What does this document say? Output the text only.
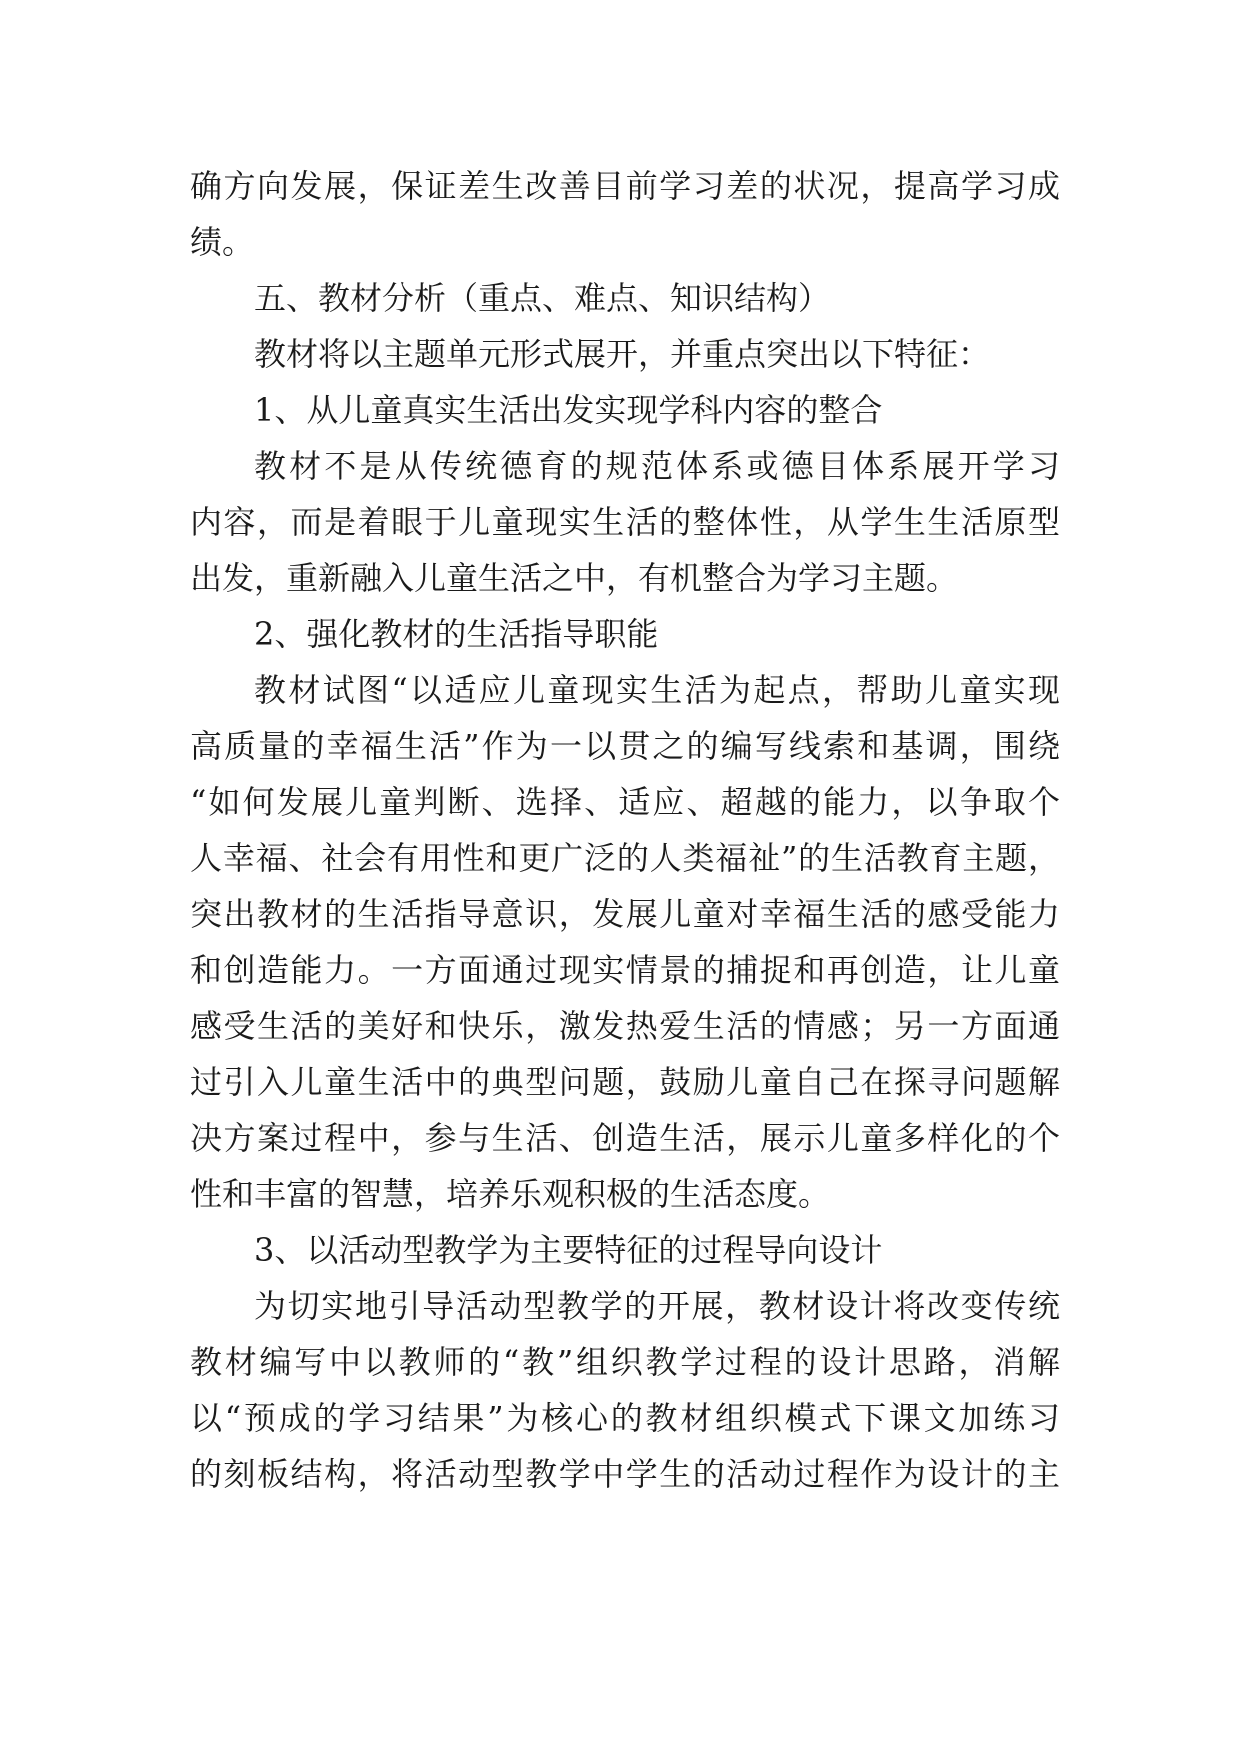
确方向发展，保证差生改善目前学习差的状况，提高学习成
绩。
五、教材分析（重点、难点、知识结构）
教材将以主题单元形式展开，并重点突出以下特征：
1、从儿童真实生活出发实现学科内容的整合
教材不是从传统德育的规范体系或德目体系展开学习
内容，而是着眼于儿童现实生活的整体性，从学生生活原型
出发，重新融入儿童生活之中，有机整合为学习主题。
2、强化教材的生活指导职能
教材试图“以适应儿童现实生活为起点，帮助儿童实现
高质量的幸福生活”作为一以贯之的编写线索和基调，围绕
“如何发展儿童判断、选择、适应、超越的能力，以争取个
人幸福、社会有用性和更广泛的人类福祉”的生活教育主题，
突出教材的生活指导意识，发展儿童对幸福生活的感受能力
和创造能力。一方面通过现实情景的捕捉和再创造，让儿童
感受生活的美好和快乐，激发热爱生活的情感；另一方面通
过引入儿童生活中的典型问题，鼓励儿童自己在探寻问题解
决方案过程中，参与生活、创造生活，展示儿童多样化的个
性和丰富的智慧，培养乐观积极的生活态度。
3、以活动型教学为主要特征的过程导向设计
为切实地引导活动型教学的开展，教材设计将改变传统
教材编写中以教师的“教”组织教学过程的设计思路，消解
以“预成的学习结果”为核心的教材组织模式下课文加练习
的刻板结构，将活动型教学中学生的活动过程作为设计的主
